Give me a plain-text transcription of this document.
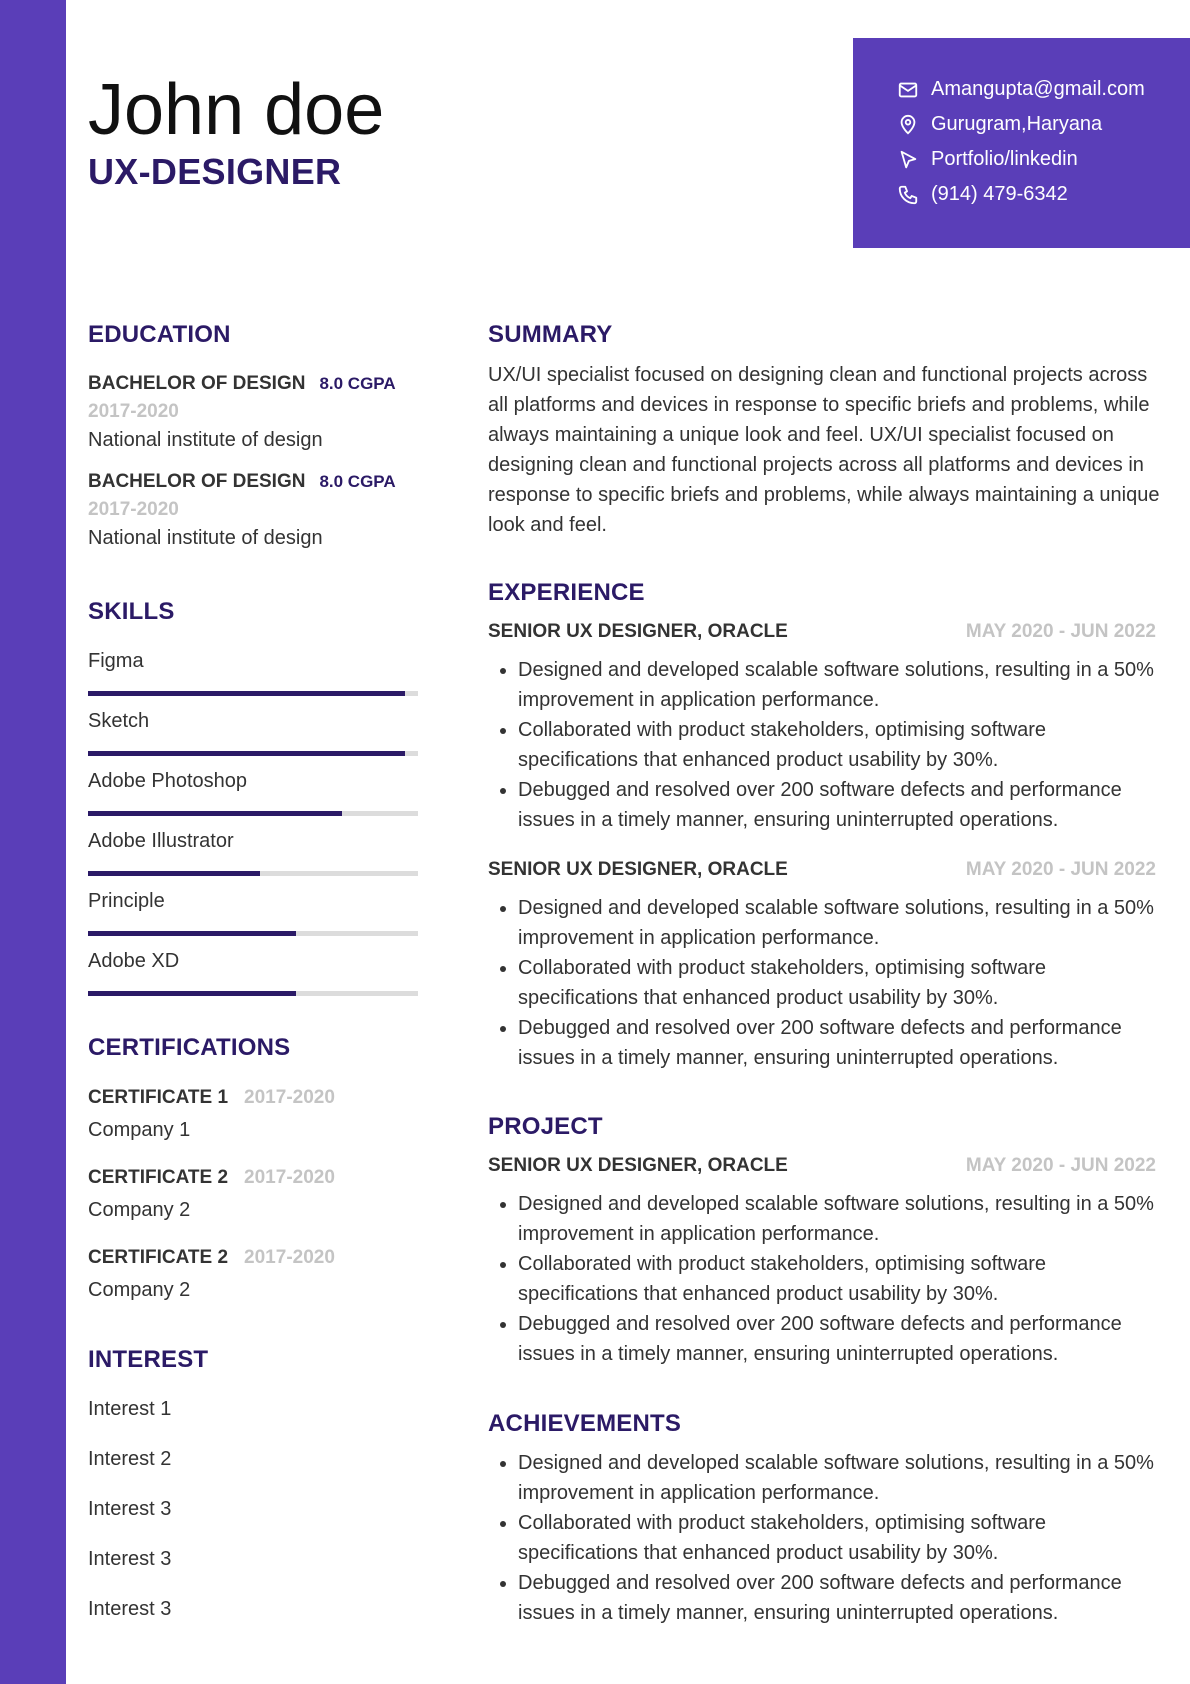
John doe
UX-DESIGNER
Amangupta@gmail.com
Gurugram,Haryana
Portfolio/linkedin
(914) 479-6342
EDUCATION
BACHELOR OF DESIGN 8.0 CGPA
2017-2020
National institute of design
BACHELOR OF DESIGN 8.0 CGPA
2017-2020
National institute of design
SKILLS
Figma
Sketch
Adobe Photoshop
Adobe Illustrator
Principle
Adobe XD
CERTIFICATIONS
CERTIFICATE 1 2017-2020
Company 1
CERTIFICATE 2 2017-2020
Company 2
CERTIFICATE 2 2017-2020
Company 2
INTEREST
Interest 1
Interest 2
Interest 3
Interest 3
Interest 3
SUMMARY

UX/UI specialist focused on designing clean and functional projects across all platforms and devices in response to specific briefs and problems, while always maintaining a unique look and feel. UX/UI specialist focused on designing clean and functional projects across all platforms and devices in response to specific briefs and problems, while always maintaining a unique look and feel.

EXPERIENCE
SENIOR UX DESIGNER, ORACLE	MAY 2020 - JUN 2022
Designed and developed scalable software solutions, resulting in a 50% improvement in application performance.
Collaborated with product stakeholders, optimising software specifications that enhanced product usability by 30%.
Debugged and resolved over 200 software defects and performance issues in a timely manner, ensuring uninterrupted operations.
SENIOR UX DESIGNER, ORACLE	MAY 2020 - JUN 2022
Designed and developed scalable software solutions, resulting in a 50% improvement in application performance.
Collaborated with product stakeholders, optimising software specifications that enhanced product usability by 30%.
Debugged and resolved over 200 software defects and performance issues in a timely manner, ensuring uninterrupted operations.
PROJECT
SENIOR UX DESIGNER, ORACLE	MAY 2020 - JUN 2022
Designed and developed scalable software solutions, resulting in a 50% improvement in application performance.
Collaborated with product stakeholders, optimising software specifications that enhanced product usability by 30%.
Debugged and resolved over 200 software defects and performance issues in a timely manner, ensuring uninterrupted operations.
ACHIEVEMENTS
Designed and developed scalable software solutions, resulting in a 50% improvement in application performance.
Collaborated with product stakeholders, optimising software specifications that enhanced product usability by 30%.
Debugged and resolved over 200 software defects and performance issues in a timely manner, ensuring uninterrupted operations.
